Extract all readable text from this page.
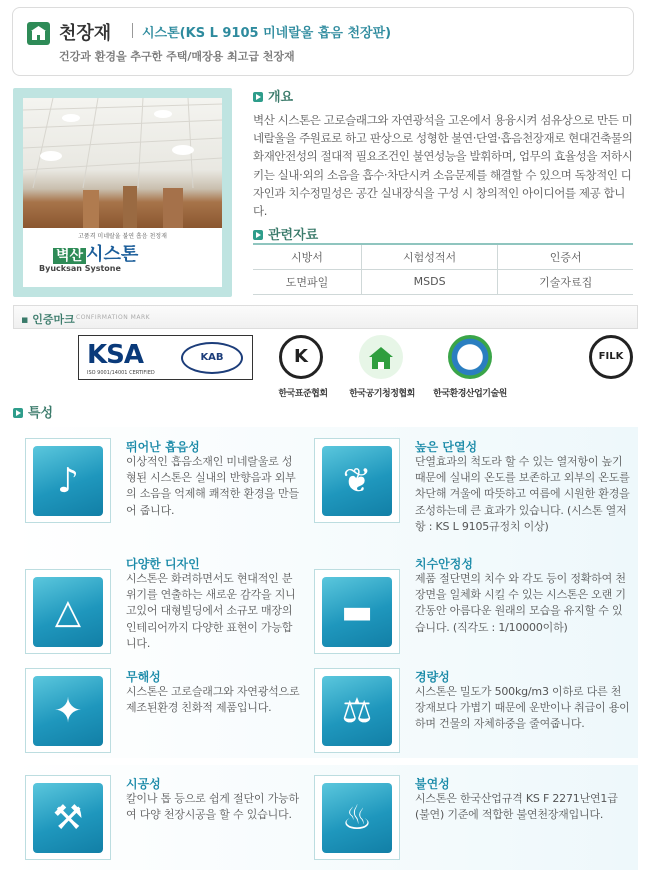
천장재 시스톤(KS L 9105 미네랄울 흡음 천장판)
건강과 환경을 추구한 주택/매장용 최고급 천장재
고품격 미네랄울 불연 흡음 천정재
벽산 시스톤
Byucksan Systone
개요
벽산 시스톤은 고로슬래그와 자연광석을 고온에서 용융시켜 섬유상으로 만든 미네랄울을 주원료로 하고 판상으로 성형한 불연·단열·흡음천장재로 현대건축물의 화재안전성의 절대적 필요조건인 불연성능을 발휘하며, 업무의 효율성을 저하시키는 실내·외의 소음을 흡수·차단시켜 소음문제를 해결할 수 있으며 독창적인 디자인과 치수정밀성은 공간 실내장식을 구성 시 창의적인 아이디어를 제공 합니다.
관련자료
시방서	시험성적서	인증서
도면파일	MSDS	기술자료집
▪ 인증마크 CONFIRMATION MARK
KSA
ISO 9001/14001 CERTIFIED
KAB	K	FILK
한국표준협회	한국공기청정협회	한국환경산업기술원
특성
♪
뛰어난 흡음성
이상적인 흡음소재인 미네랄울로 성형된 시스톤은 실내의 반향음과 외부의 소음을 억제해 쾌적한 환경을 만들어 줍니다.
❦
높은 단열성
단열효과의 척도라 할 수 있는 열저항이 높기 때문에 실내의 온도를 보존하고 외부의 온도를 차단해 겨울에 따뜻하고 여름에 시원한 환경을 조성하는데 큰 효과가 있습니다. (시스톤 열저항 : KS L 9105규정치 이상)
△
다양한 디자인
시스톤은 화려하면서도 현대적인 분위기를 연출하는 새로운 감각을 지니고있어 대형빌딩에서 소규모 매장의 인테리어까지 다양한 표현이 가능합니다.
▬
치수안정성
제품 절단면의 치수 와 각도 등이 정확하여 천장면을 일체화 시킬 수 있는 시스톤은 오랜 기간동안 아름다운 원래의 모습을 유지할 수 있습니다. (직각도 : 1/10000이하)
✦
무해성
시스톤은 고로슬래그와 자연광석으로 제조된환경 친화적 제품입니다.	⚖
경량성
시스톤은 밀도가 500kg/m3 이하로 다른 천장재보다 가볍기 때문에 운반이나 취급이 용이하며 건물의 자체하중을 줄여줍니다.
⚒
시공성
칼이나 톱 등으로 쉽게 절단이 가능하여 다양 천장시공을 할 수 있습니다.	♨
불연성
시스톤은 한국산업규격 KS F 2271난연1급(불연) 기준에 적합한 불연천장재입니다.
